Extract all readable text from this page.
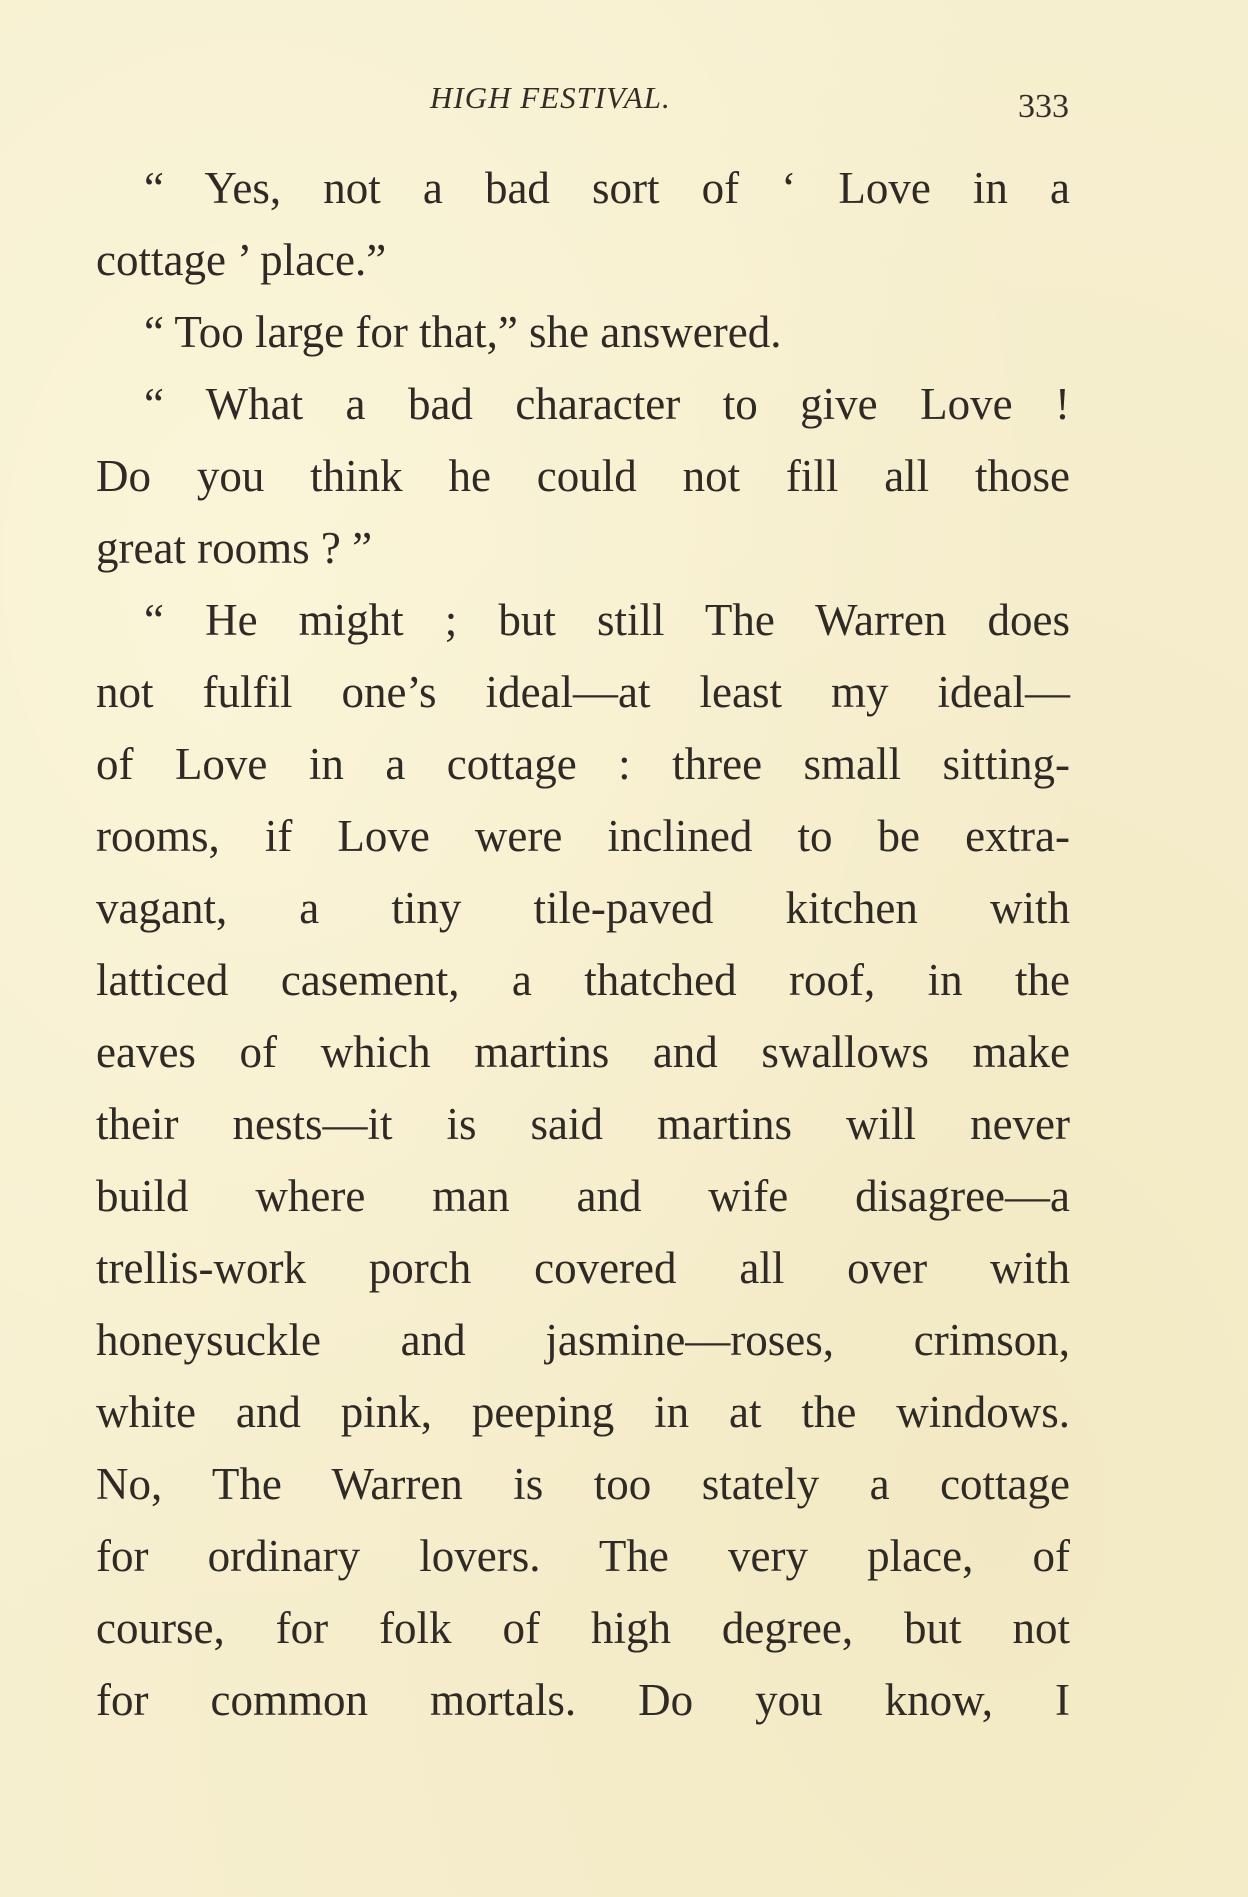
HIGH FESTIVAL.	333
“ Yes, not a bad sort of ‘ Love in a
cottage ’ place.”
“ Too large for that,” she answered.
“ What a bad character to give Love !
Do you think he could not fill all those
great rooms ? ”
“ He might ; but still The Warren does
not fulfil one’s ideal—at least my ideal—
of Love in a cottage : three small sitting-
rooms, if Love were inclined to be extra-
vagant, a tiny tile-paved kitchen with
latticed casement, a thatched roof, in the
eaves of which martins and swallows make
their nests—it is said martins will never
build where man and wife disagree—a
trellis-work porch covered all over with
honeysuckle and jasmine—roses, crimson,
white and pink, peeping in at the windows.
No, The Warren is too stately a cottage
for ordinary lovers. The very place, of
course, for folk of high degree, but not
for common mortals. Do you know, I
